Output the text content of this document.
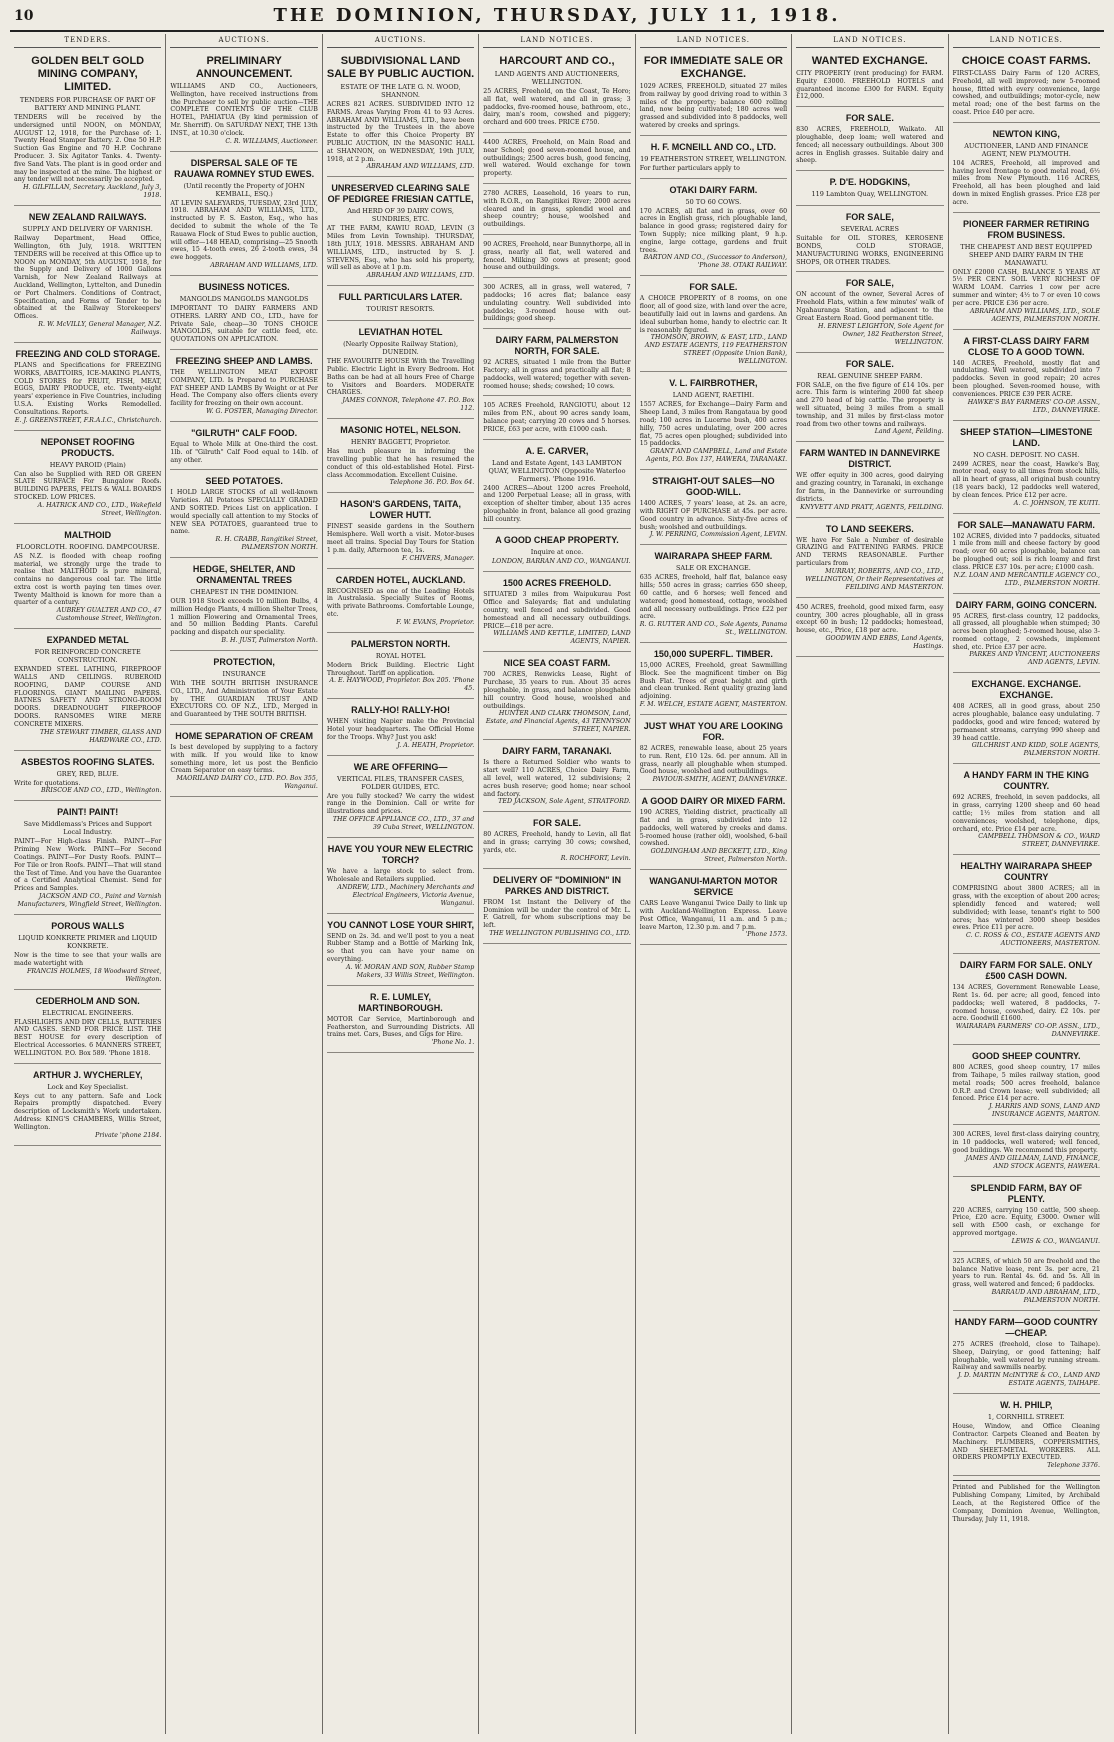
10	THE DOMINION, THURSDAY, JULY 11, 1918.
TENDERS.
GOLDEN BELT GOLD MINING COMPANY, LIMITED.
TENDERS FOR PURCHASE OF PART OF BATTERY AND MINING PLANT.
TENDERS will be received by the undersigned until NOON, on MONDAY, AUGUST 12, 1918, for the Purchase of: 1. Twenty Head Stamper Battery. 2. One 50 H.P. Suction Gas Engine and 70 H.P. Cochrane Producer. 3. Six Agitator Tanks. 4. Twenty-five Sand Vats. The plant is in good order and may be inspected at the mine. The highest or any tender will not necessarily be accepted.
H. GILFILLAN, Secretary. Auckland, July 3, 1918.
NEW ZEALAND RAILWAYS.
SUPPLY AND DELIVERY OF VARNISH.
Railway Department, Head Office, Wellington, 6th July, 1918. WRITTEN TENDERS will be received at this Office up to NOON on MONDAY, 5th AUGUST, 1918, for the Supply and Delivery of 1000 Gallons Varnish, for New Zealand Railways at Auckland, Wellington, Lyttelton, and Dunedin or Port Chalmers. Conditions of Contract, Specification, and Forms of Tender to be obtained at the Railway Storekeepers' Offices.
R. W. McVILLY, General Manager, N.Z. Railways.
FREEZING AND COLD STORAGE.
PLANS and Specifications for FREEZING WORKS, ABATTOIRS, ICE-MAKING PLANTS, COLD STORES for FRUIT, FISH, MEAT, EGGS, DAIRY PRODUCE, etc. Twenty-eight years' experience in Five Countries, including U.S.A. Existing Works Remodelled. Consultations. Reports.
E. J. GREENSTREET, F.R.A.I.C., Christchurch.
NEPONSET ROOFING PRODUCTS.
HEAVY PAROID (Plain)
Can also be Supplied with RED OR GREEN SLATE SURFACE For Bungalow Roofs. BUILDING PAPERS, FELTS & WALL BOARDS STOCKED. LOW PRICES.
A. HATRICK AND CO., LTD., Wakefield Street, Wellington.
MALTHOID
FLOORCLOTH. ROOFING. DAMPCOURSE.
AS N.Z. is flooded with cheap roofing material, we strongly urge the trade to realise that MALTHOID is pure mineral, contains no dangerous coal tar. The little extra cost is worth paying ten times over. Twenty Malthoid is known for more than a quarter of a century.
AUBREY GUALTER AND CO., 47 Customhouse Street, Wellington.
EXPANDED METAL
FOR REINFORCED CONCRETE CONSTRUCTION.
EXPANDED STEEL LATHING, FIREPROOF WALLS AND CEILINGS. RUBEROID ROOFING, DAMP COURSE AND FLOORINGS. GIANT MAILING PAPERS. BATNES SAFETY AND STRONG-ROOM DOORS. DREADNOUGHT FIREPROOF DOORS. RANSOMES WIRE MERE CONCRETE MIXERS.
THE STEWART TIMBER, GLASS AND HARDWARE CO., LTD.
ASBESTOS ROOFING SLATES.
GREY, RED, BLUE.
Write for quotations.
BRISCOE AND CO., LTD., Wellington.
PAINT! PAINT!
Save Middlemass's Prices and Support Local Industry.
PAINT—For High-class Finish. PAINT—For Priming New Work. PAINT—For Second Coatings. PAINT—For Dusty Roofs. PAINT—For Tile or Iron Roofs. PAINT—That will stand the Test of Time. And you have the Guarantee of a Certified Analytical Chemist. Send for Prices and Samples.
JACKSON AND CO., Paint and Varnish Manufacturers, Wingfield Street, Wellington.
POROUS WALLS
LIQUID KONKRETE PRIMER and LIQUID KONKRETE.
Now is the time to see that your walls are made watertight with
FRANCIS HOLMES, 18 Woodward Street, Wellington.
CEDERHOLM AND SON.
ELECTRICAL ENGINEERS.
FLASHLIGHTS AND DRY CELLS, BATTERIES AND CASES. SEND FOR PRICE LIST. THE BEST HOUSE for every description of Electrical Accessories. 6 MANNERS STREET, WELLINGTON. P.O. Box 589. 'Phone 1818.
ARTHUR J. WYCHERLEY,
Lock and Key Specialist.
Keys cut to any pattern. Safe and Lock Repairs promptly dispatched. Every description of Locksmith's Work undertaken. Address: KING'S CHAMBERS, Willis Street, Wellington.
Private 'phone 2184.
AUCTIONS.
PRELIMINARY ANNOUNCEMENT.
WILLIAMS AND CO., Auctioneers, Wellington, have received instructions from the Purchaser to sell by public auction—THE COMPLETE CONTENTS OF THE CLUB HOTEL, PAHIATUA (By kind permission of Mr. Sherriff). On SATURDAY NEXT, THE 13th INST., at 10.30 o'clock.
C. R. WILLIAMS, Auctioneer.
DISPERSAL SALE OF TE RAUAWA ROMNEY STUD EWES.
(Until recently the Property of JOHN KEMBALL, ESQ.)
AT LEVIN SALEYARDS, TUESDAY, 23rd JULY, 1918. ABRAHAM AND WILLIAMS, LTD., instructed by F. S. Easton, Esq., who has decided to submit the whole of the Te Rauawa Flock of Stud Ewes to public auction, will offer—148 HEAD, comprising—25 Snooth ewes, 15 4-tooth ewes, 26 2-tooth ewes, 34 ewe hoggets.
ABRAHAM AND WILLIAMS, LTD.
BUSINESS NOTICES.
MANGOLDS MANGOLDS MANGOLDS
IMPORTANT TO DAIRY FARMERS AND OTHERS. LARRY AND CO., LTD., have for Private Sale, cheap—30 TONS CHOICE MANGOLDS, suitable for cattle feed, etc. QUOTATIONS ON APPLICATION.
FREEZING SHEEP AND LAMBS.
THE WELLINGTON MEAT EXPORT COMPANY, LTD. Is Prepared to PURCHASE FAT SHEEP AND LAMBS By Weight or at Per Head. The Company also offers clients every facility for freezing on their own account.
W. G. FOSTER, Managing Director.
"GILRUTH" CALF FOOD.
Equal to Whole Milk at One-third the cost. 1lb. of "Gilruth" Calf Food equal to 14lb. of any other.
SEED POTATOES.
I HOLD LARGE STOCKS of all well-known Varieties. All Potatoes SPECIALLY GRADED AND SORTED. Prices List on application. I would specially call attention to my Stocks of NEW SEA POTATOES, guaranteed true to name.
R. H. CRABB, Rangitikei Street, PALMERSTON NORTH.
HEDGE, SHELTER, AND ORNAMENTAL TREES
CHEAPEST IN THE DOMINION.
OUR 1918 Stock exceeds 10 million Bulbs, 4 million Hedge Plants, 4 million Shelter Trees, 1 million Flowering and Ornamental Trees, and 50 million Bedding Plants. Careful packing and dispatch our speciality.
B. H. JUST, Palmerston North.
PROTECTION,
INSURANCE
With THE SOUTH BRITISH INSURANCE CO., LTD., And Administration of Your Estate by THE GUARDIAN TRUST AND EXECUTORS CO. OF N.Z., LTD., Merged in and Guaranteed by THE SOUTH BRITISH.
HOME SEPARATION OF CREAM
Is best developed by supplying to a factory with milk. If you would like to know something more, let us post the Benficio Cream Separator on easy terms.
MAORILAND DAIRY CO., LTD. P.O. Box 355, Wanganui.
AUCTIONS.
SUBDIVISIONAL LAND SALE BY PUBLIC AUCTION.
ESTATE OF THE LATE G. N. WOOD, SHANNON.
ACRES 821 ACRES. SUBDIVIDED INTO 12 FARMS. Areas Varying From 41 to 93 Acres. ABRAHAM AND WILLIAMS, LTD., have been instructed by the Trustees in the above Estate to offer this Choice Property BY PUBLIC AUCTION, IN the MASONIC HALL at SHANNON, on WEDNESDAY, 19th JULY, 1918, at 2 p.m.
ABRAHAM AND WILLIAMS, LTD.
UNRESERVED CLEARING SALE OF PEDIGREE FRIESIAN CATTLE,
And HERD OF 39 DAIRY COWS, SUNDRIES, ETC.
AT THE FARM, KAWIU ROAD, LEVIN (3 Miles from Levin Township). THURSDAY, 18th JULY, 1918. MESSRS. ABRAHAM AND WILLIAMS, LTD., instructed by S. J. STEVENS, Esq., who has sold his property, will sell as above at 1 p.m.
ABRAHAM AND WILLIAMS, LTD.
FULL PARTICULARS LATER.
TOURIST RESORTS.
LEVIATHAN HOTEL
(Nearly Opposite Railway Station), DUNEDIN.
THE FAVOURITE HOUSE With the Travelling Public. Electric Light in Every Bedroom. Hot Baths can be had at all hours Free of Charge to Visitors and Boarders. MODERATE CHARGES.
JAMES CONNOR, Telephone 47. P.O. Box 112.
MASONIC HOTEL, NELSON.
HENRY BAGGETT, Proprietor.
Has much pleasure in informing the travelling public that he has resumed the conduct of this old-established Hotel. First-class Accommodation. Excellent Cuisine.
Telephone 36. P.O. Box 64.
HASON'S GARDENS, TAITA, LOWER HUTT.
FINEST seaside gardens in the Southern Hemisphere. Well worth a visit. Motor-buses meet all trains. Special Day Tours for Station 1 p.m. daily, Afternoon tea, 1s.
F. CHIVERS, Manager.
CARDEN HOTEL, AUCKLAND.
RECOGNISED as one of the Leading Hotels in Australasia. Specially Suites of Rooms, with private Bathrooms. Comfortable Lounge, etc.
F. W. EVANS, Proprietor.
PALMERSTON NORTH.
ROYAL HOTEL
Modern Brick Building. Electric Light Throughout. Tariff on application.
A. E. HAYWOOD, Proprietor. Box 205. 'Phone 45.
RALLY-HO! RALLY-HO!
WHEN visiting Napier make the Provincial Hotel your headquarters. The Official Home for the Troops. Why? Just you ask!
J. A. HEATH, Proprietor.
WE ARE OFFERING—
VERTICAL FILES, TRANSFER CASES, FOLDER GUIDES, ETC.
Are you fully stocked? We carry the widest range in the Dominion. Call or write for illustrations and prices.
THE OFFICE APPLIANCE CO., LTD., 37 and 39 Cuba Street, WELLINGTON.
HAVE YOU YOUR NEW ELECTRIC TORCH?
We have a large stock to select from. Wholesale and Retailers supplied.
ANDREW, LTD., Machinery Merchants and Electrical Engineers, Victoria Avenue, Wanganui.
YOU CANNOT LOSE YOUR SHIRT,
SEND on 2s. 3d. and we'll post to you a neat Rubber Stamp and a Bottle of Marking Ink, so that you can have your name on everything.
A. W. MORAN AND SON, Rubber Stamp Makers, 33 Willis Street, Wellington.
R. E. LUMLEY, MARTINBOROUGH.
MOTOR Car Service, Martinborough and Featherston, and Surrounding Districts. All trains met. Cars, Buses, and Gigs for Hire.
'Phone No. 1.
LAND NOTICES.
HARCOURT AND CO.,
LAND AGENTS AND AUCTIONEERS, WELLINGTON.
25 ACRES, Freehold, on the Coast, Te Horo; all flat, well watered, and all in grass; 3 paddocks, five-roomed house, bathroom, etc., dairy, man's room, cowshed and piggery; orchard and 600 trees. PRICE £750.
4400 ACRES, Freehold, on Main Road and near School; good seven-roomed house, and outbuildings; 2500 acres bush, good fencing, well watered. Would exchange for town property.
2780 ACRES, Leasehold, 16 years to run, with R.O.R., on Rangitikei River; 2000 acres cleared and in grass, splendid wool and sheep country; house, woolshed and outbuildings.
90 ACRES, Freehold, near Bunnythorpe, all in grass, nearly all flat, well watered and fenced. Milking 30 cows at present; good house and outbuildings.
300 ACRES, all in grass, well watered, 7 paddocks; 16 acres flat; balance easy undulating country. Well subdivided into paddocks; 3-roomed house with out-buildings; good sheep.
DAIRY FARM, PALMERSTON NORTH, FOR SALE.
92 ACRES, situated 1 mile from the Butter Factory; all in grass and practically all flat; 8 paddocks, well watered; together with seven-roomed house; sheds; cowshed; 10 cows.
105 ACRES Freehold, RANGIOTU, about 12 miles from P.N., about 90 acres sandy loam, balance peat; carrying 20 cows and 5 horses. PRICE, £63 per acre, with £1000 cash.
A. E. CARVER,
Land and Estate Agent, 143 LAMBTON QUAY, WELLINGTON (Opposite Waterloo Farmers). 'Phone 1916.
2400 ACRES—About 1200 acres Freehold, and 1200 Perpetual Lease; all in grass, with exception of shelter timber, about 135 acres ploughable in front, balance all good grazing hill country.
A GOOD CHEAP PROPERTY.
Inquire at once.
LONDON, BARRAN AND CO., WANGANUI.
1500 ACRES FREEHOLD.
SITUATED 3 miles from Waipukurau Post Office and Saleyards; flat and undulating country, well fenced and subdivided. Good homestead and all necessary outbuildings. PRICE—£18 per acre.
WILLIAMS AND KETTLE, LIMITED, LAND AGENTS, NAPIER.
NICE SEA COAST FARM.
700 ACRES, Renwicks Lease, Right of Purchase, 35 years to run. About 35 acres ploughable, in grass, and balance ploughable hill country. Good house, woolshed and outbuildings.
HUNTER AND CLARK THOMSON, Land, Estate, and Financial Agents, 43 TENNYSON STREET, NAPIER.
DAIRY FARM, TARANAKI.
Is there a Returned Soldier who wants to start well? 110 ACRES, Choice Dairy Farm, all level, well watered, 12 subdivisions; 2 acres bush reserve; good home; near school and factory.
TED JACKSON, Sole Agent, STRATFORD.
FOR SALE.
80 ACRES, Freehold, handy to Levin, all flat and in grass; carrying 30 cows; cowshed, yards, etc.
R. ROCHFORT, Levin.
DELIVERY OF "DOMINION" IN PARKES AND DISTRICT.
FROM 1st Instant the Delivery of the Dominion will be under the control of Mr. L. F. Gatrell, for whom subscriptions may be left.
THE WELLINGTON PUBLISHING CO., LTD.
LAND NOTICES.
FOR IMMEDIATE SALE OR EXCHANGE.
1029 ACRES, FREEHOLD, situated 27 miles from railway by good driving road to within 3 miles of the property; balance 600 rolling land, now being cultivated; 180 acres well grassed and subdivided into 8 paddocks, well watered by creeks and springs.
H. F. MCNEILL AND CO., LTD.
19 FEATHERSTON STREET, WELLINGTON.
For further particulars apply to
OTAKI DAIRY FARM.
50 TO 60 COWS.
170 ACRES, all flat and in grass, over 60 acres in English grass, rich ploughable land, balance in good grass; registered dairy for Town Supply; nice milking plant, 9 h.p. engine, large cottage, gardens and fruit trees.
BARTON AND CO., (Successor to Anderson), 'Phone 38. OTAKI RAILWAY.
FOR SALE.
A CHOICE PROPERTY of 8 rooms, on one floor, all of good size, with land over the acre, beautifully laid out in lawns and gardens. An ideal suburban home, handy to electric car. It is reasonably figured.
THOMSON, BROWN, & EAST, LTD., LAND AND ESTATE AGENTS, 119 FEATHERSTON STREET (Opposite Union Bank), WELLINGTON.
V. L. FAIRBROTHER,
LAND AGENT, RAETIHI.
1557 ACRES, for Exchange—Dairy Farm and Sheep Land, 3 miles from Rangataua by good road; 100 acres in Lucerne bush, 400 acres hilly, 750 acres undulating, over 200 acres flat, 75 acres open ploughed; subdivided into 15 paddocks.
GRANT AND CAMPBELL, Land and Estate Agents, P.O. Box 137, HAWERA, TARANAKI.
STRAIGHT-OUT SALES—NO GOOD-WILL.
1400 ACRES, 7 years' lease, at 2s. an acre, with RIGHT OF PURCHASE at 45s. per acre. Good country in advance. Sixty-five acres of bush; woolshed and outbuildings.
J. W. PERRING, Commission Agent, LEVIN.
WAIRARAPA SHEEP FARM.
SALE OR EXCHANGE.
635 ACRES, freehold, half flat, balance easy hills; 550 acres in grass; carries 650 sheep, 60 cattle, and 6 horses; well fenced and watered; good homestead, cottage, woolshed and all necessary outbuildings. Price £22 per acre.
R. G. RUTTER AND CO., Sole Agents, Panama St., WELLINGTON.
150,000 SUPERFL. TIMBER.
15,000 ACRES, Freehold, great Sawmilling Block. See the magnificent timber on Big Bush Flat. Trees of great height and girth and clean trunked. Rent quality grazing land adjoining.
F. M. WELCH, ESTATE AGENT, MASTERTON.
JUST WHAT YOU ARE LOOKING FOR.
82 ACRES, renewable lease, about 25 years to run. Rent, £10 12s. 6d. per annum. All in grass, nearly all ploughable when stumped. Good house, woolshed and outbuildings.
PAVIOUR-SMITH, AGENT, DANNEVIRKE.
A GOOD DAIRY OR MIXED FARM.
190 ACRES, Yielding district, practically all flat and in grass, subdivided into 12 paddocks, well watered by creeks and dams. 5-roomed house (rather old), woolshed, 6-bail cowshed.
GOLDINGHAM AND BECKETT, LTD., King Street, Palmerston North.
WANGANUI-MARTON MOTOR SERVICE
CARS Leave Wanganui Twice Daily to link up with Auckland-Wellington Express. Leave Post Office, Wanganui, 11 a.m. and 5 p.m.; leave Marton, 12.30 p.m. and 7 p.m.
'Phone 1573.
LAND NOTICES.
WANTED EXCHANGE.
CITY PROPERTY (rent producing) for FARM. Equity £3000. FREEHOLD HOTELS and guaranteed income £300 for FARM. Equity £12,000.
FOR SALE.
830 ACRES, FREEHOLD, Waikato. All ploughable, deep loam; well watered and fenced; all necessary outbuildings. About 300 acres in English grasses. Suitable dairy and sheep.
P. D'E. HODGKINS,
119 Lambton Quay, WELLINGTON.
FOR SALE,
SEVERAL ACRES
Suitable for OIL STORES, KEROSENE BONDS, COLD STORAGE, MANUFACTURING WORKS, ENGINEERING SHOPS, OR OTHER TRADES.
FOR SALE,
ON account of the owner, Several Acres of Freehold Flats, within a few minutes' walk of Ngahauranga Station, and adjacent to the Great Eastern Road. Good permanent title.
H. ERNEST LEIGHTON, Sole Agent for Owner, 182 Featherston Street, WELLINGTON.
FOR SALE.
REAL GENUINE SHEEP FARM.
FOR SALE, on the five figure of £14 10s. per acre. This farm is wintering 2000 fat sheep and 270 head of big cattle. The property is well situated, being 3 miles from a small township, and 31 miles by first-class motor road from two other towns and railways.
Land Agent, Feilding.
FARM WANTED IN DANNEVIRKE DISTRICT.
WE offer equity in 300 acres, good dairying and grazing country, in Taranaki, in exchange for farm, in the Dannevirke or surrounding districts.
KNYVETT AND PRATT, AGENTS, FEILDING.
TO LAND SEEKERS.
WE have For Sale a Number of desirable GRAZING and FATTENING FARMS. PRICE AND TERMS REASONABLE. Further particulars from
MURRAY, ROBERTS, AND CO., LTD., WELLINGTON, Or their Representatives at FEILDING AND MASTERTON.
450 ACRES, freehold, good mixed farm, easy country, 300 acres ploughable, all in grass except 60 in bush; 12 paddocks; homestead, house, etc., Price, £18 per acre.
GOODWIN AND EBBS, Land Agents, Hastings.
LAND NOTICES.
CHOICE COAST FARMS.
FIRST-CLASS Dairy Farm of 120 ACRES, Freehold, all well improved; new 5-roomed house, fitted with every convenience, large cowshed, and outbuildings; motor-cycle, new metal road; one of the best farms on the coast. Price £40 per acre.
NEWTON KING,
AUCTIONEER, LAND AND FINANCE AGENT, NEW PLYMOUTH.
104 ACRES, Freehold, all improved and having level frontage to good metal road, 6½ miles from New Plymouth. 116 ACRES, Freehold, all has been ploughed and laid down in mixed English grasses. Price £28 per acre.
PIONEER FARMER RETIRING FROM BUSINESS.
THE CHEAPEST AND BEST EQUIPPED SHEEP AND DAIRY FARM IN THE MANAWATU.
ONLY £2000 CASH, BALANCE 5 YEARS AT 5½ PER CENT. SOIL VERY RICHEST OF WARM LOAM. Carries 1 cow per acre summer and winter; 4½ to 7 or even 10 cows per acre. PRICE £36 per acre.
ABRAHAM AND WILLIAMS, LTD., SOLE AGENTS, PALMERSTON NORTH.
A FIRST-CLASS DAIRY FARM CLOSE TO A GOOD TOWN.
140 ACRES, Freehold, mostly flat and undulating. Well watered, subdivided into 7 paddocks. Seven in good repair; 20 acres been ploughed. Seven-roomed house, with conveniences. PRICE £39 PER ACRE.
HAWKE'S BAY FARMERS' CO-OP. ASSN., LTD., DANNEVIRKE.
SHEEP STATION—LIMESTONE LAND.
NO CASH. DEPOSIT. NO CASH.
2499 ACRES, near the coast, Hawke's Bay, motor road, easy to all times from stock hills, all in heart of grass, all original bush country (18 years back), 12 paddocks well watered, by clean fences. Price £12 per acre.
A. C. JOHNSON, TE KUITI.
FOR SALE—MANAWATU FARM.
102 ACRES, divided into 7 paddocks, situated 1 mile from mill and cheese factory by good road; over 60 acres ploughable, balance can be ploughed out; soil is rich loamy and first class. PRICE £37 10s. per acre; £1000 cash.
N.Z. LOAN AND MERCANTILE AGENCY CO., LTD., PALMERSTON NORTH.
DAIRY FARM, GOING CONCERN.
95 ACRES, first-class country, 12 paddocks, all grassed, all ploughable when stumped; 30 acres been ploughed; 5-roomed house, also 3-roomed cottage, 2 cowsheds, implement shed, etc. Price £37 per acre.
PARKES AND VINCENT, AUCTIONEERS AND AGENTS, LEVIN.
EXCHANGE. EXCHANGE. EXCHANGE.
408 ACRES, all in good grass, about 250 acres ploughable, balance easy undulating. 7 paddocks, good and wire fenced; watered by permanent streams, carrying 990 sheep and 39 head cattle.
GILCHRIST AND KIDD, SOLE AGENTS, PALMERSTON NORTH.
A HANDY FARM IN THE KING COUNTRY.
692 ACRES, freehold, in seven paddocks, all in grass, carrying 1200 sheep and 60 head cattle; 1½ miles from station and all conveniences; woolshed, telephone, dips, orchard, etc. Price £14 per acre.
CAMPBELL THOMSON & CO., WARD STREET, DANNEVIRKE.
HEALTHY WAIRARAPA SHEEP COUNTRY
COMPRISING about 3800 ACRES; all in grass, with the exception of about 200 acres; splendidly fenced and watered; well subdivided; with lease, tenant's right to 500 acres; has wintered 3000 sheep besides ewes. Price £11 per acre.
C. C. ROSS & CO., ESTATE AGENTS AND AUCTIONEERS, MASTERTON.
DAIRY FARM FOR SALE. ONLY £500 CASH DOWN.
134 ACRES, Government Renewable Lease, Rent 1s. 6d. per acre; all good, fenced into paddocks; well watered, 8 paddocks, 7-roomed house, cowshed, dairy. £2 10s. per acre. Goodwill £1600.
WAIRARAPA FARMERS' CO-OP. ASSN., LTD., DANNEVIRKE.
GOOD SHEEP COUNTRY.
800 ACRES, good sheep country, 17 miles from Taihape, 5 miles railway station, good metal roads; 500 acres freehold, balance O.R.P. and Crown lease; well subdivided; all fenced. Price £14 per acre.
J. HARRIS AND SONS, LAND AND INSURANCE AGENTS, MARTON.
300 ACRES, level first-class dairying country, in 10 paddocks, well watered; well fenced, good buildings. We recommend this property.
JAMES AND GILLMAN, LAND, FINANCE, AND STOCK AGENTS, HAWERA.
SPLENDID FARM, BAY OF PLENTY.
220 ACRES, carrying 150 cattle, 500 sheep. Price, £20 acre. Equity, £3000. Owner will sell with £500 cash, or exchange for approved mortgage.
LEWIS & CO., WANGANUI.
325 ACRES, of which 50 are freehold and the balance Native lease, rent 3s. per acre, 21 years to run. Rental 4s. 6d. and 5s. All in grass, well watered and fenced; 6 paddocks.
BARRAUD AND ABRAHAM, LTD., PALMERSTON NORTH.
HANDY FARM—GOOD COUNTRY—CHEAP.
275 ACRES (freehold, close to Taihape). Sheep, Dairying, or good fattening; half ploughable, well watered by running stream. Railway and sawmills nearby.
J. D. MARTIN McINTYRE & CO., LAND AND ESTATE AGENTS, TAIHAPE.
W. H. PHILP,
1, CORNHILL STREET.
House, Window, and Office Cleaning Contractor. Carpets Cleaned and Beaten by Machinery. PLUMBERS, COPPERSMITHS, AND SHEET-METAL WORKERS. ALL ORDERS PROMPTLY EXECUTED.
Telephone 3376.
Printed and Published for the Wellington Publishing Company, Limited, by Archibald Leach, at the Registered Office of the Company, Dominion Avenue, Wellington, Thursday, July 11, 1918.
